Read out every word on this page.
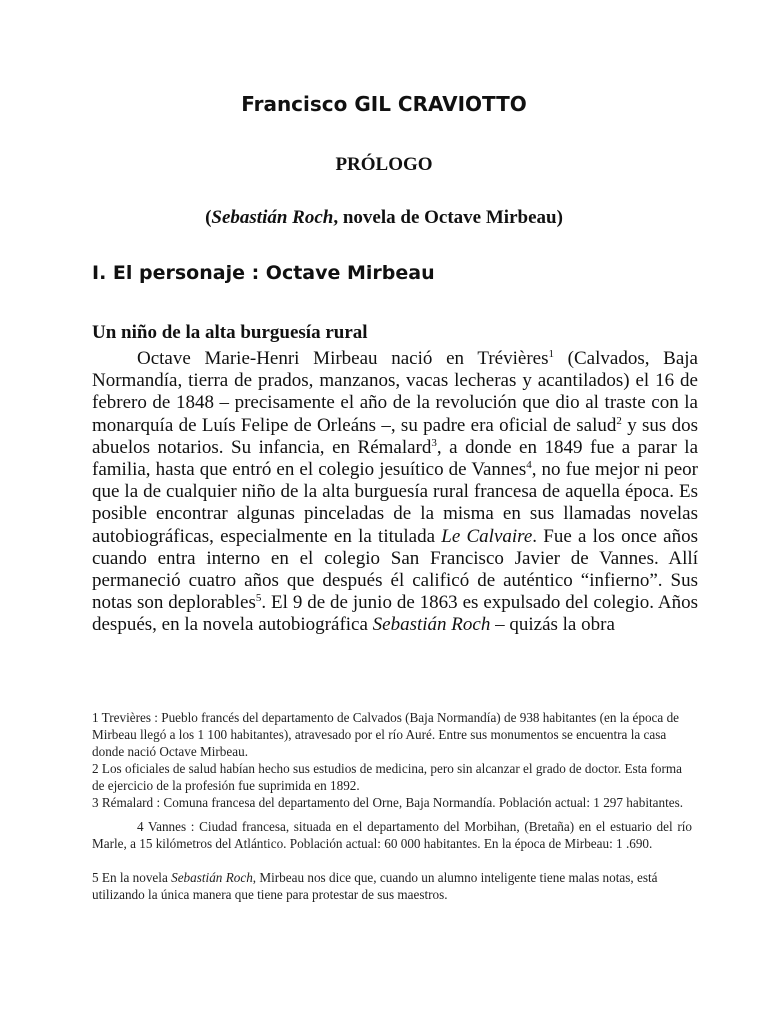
Francisco GIL CRAVIOTTO
PRÓLOGO
(Sebastián Roch, novela de Octave Mirbeau)
I. El personaje : Octave Mirbeau
Un niño de la alta burguesía rural

Octave Marie-Henri Mirbeau nació en Trévières$^1$ (Calvados, Baja Normandía, tierra de prados, manzanos, vacas lecheras y acantilados) el 16 de febrero de 1848 – precisamente el año de la revolución que dio al traste con la monarquía de Luís Felipe de Orleáns –, su padre era oficial de salud$^2$ y sus dos abuelos notarios. Su infancia, en Rémalard$^3$, a donde en 1849 fue a parar la familia, hasta que entró en el colegio jesuítico de Vannes$^4$, no fue mejor ni peor que la de cualquier niño de la alta burguesía rural francesa de aquella época. Es posible encontrar algunas pinceladas de la misma en sus llamadas novelas autobiográficas, especialmente en la titulada Le Calvaire. Fue a los once años cuando entra interno en el colegio San Francisco Javier de Vannes. Allí permaneció cuatro años que después él calificó de auténtico “infierno”. Sus notas son deplorables$^5$. El 9 de de junio de 1863 es expulsado del colegio. Años después, en la novela autobiográfica Sebastián Roch – quizás la obra

1 Trevières : Pueblo francés del departamento de Calvados (Baja Normandía) de 938 habitantes (en la época de Mirbeau llegó a los 1 100 habitantes), atravesado por el río Auré. Entre sus monumentos se encuentra la casa donde nació Octave Mirbeau.

2 Los oficiales de salud habían hecho sus estudios de medicina, pero sin alcanzar el grado de doctor. Esta forma de ejercicio de la profesión fue suprimida en 1892.

3 Rémalard : Comuna francesa del departamento del Orne, Baja Normandía. Población actual: 1 297 habitantes.

4 Vannes : Ciudad francesa, situada en el departamento del Morbihan, (Bretaña) en el estuario del río Marle, a 15 kilómetros del Atlántico. Población actual: 60 000 habitantes. En la época de Mirbeau: 1 .690.

5 En la novela Sebastián Roch, Mirbeau nos dice que, cuando un alumno inteligente tiene malas notas, está utilizando la única manera que tiene para protestar de sus maestros.
